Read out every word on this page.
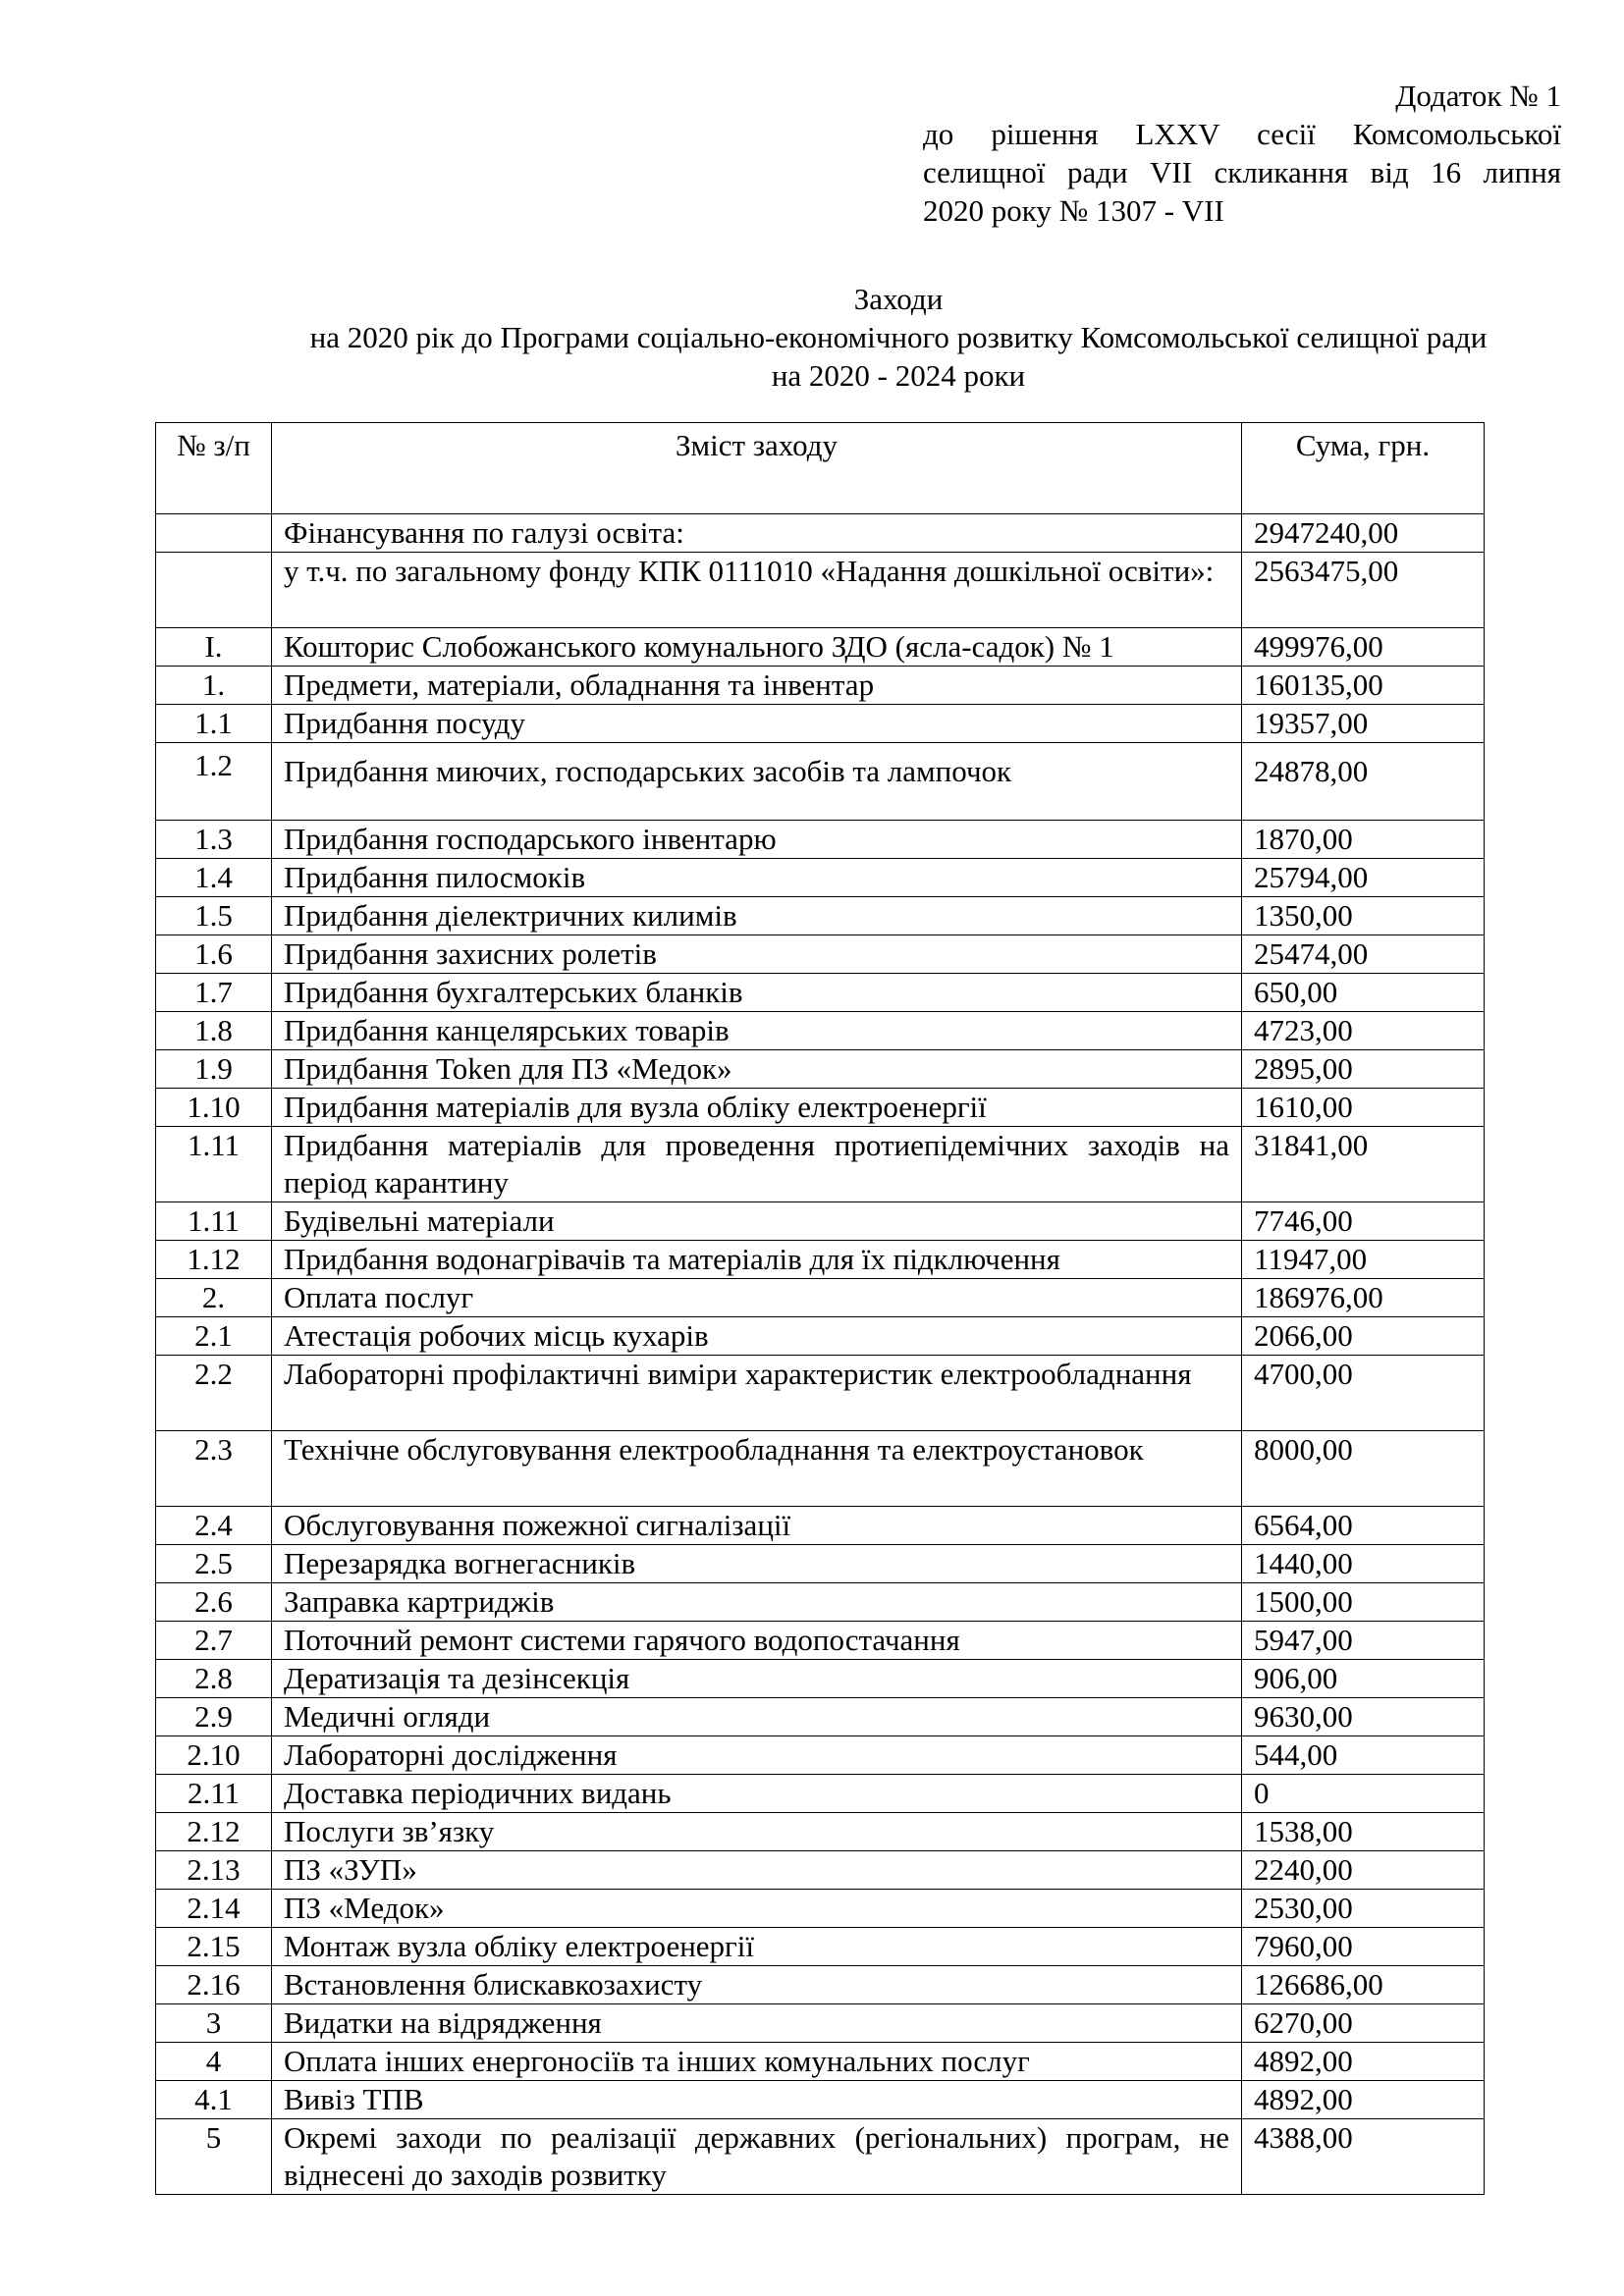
Додаток № 1
до рішення LXXV сесії Комсомольської
селищної ради VII скликання від 16 липня
2020 року № 1307 - VII
Заходи
на 2020 рік до Програми соціально-економічного розвитку Комсомольської селищної ради
на 2020 - 2024 роки
№ з/п	Зміст заходу	Сума, грн.
	Фінансування по галузі освіта:	2947240,00
	у т.ч. по загальному фонду КПК 0111010 «Надання дошкільної освіти»:	2563475,00
I.	Кошторис Слобожанського комунального ЗДО (ясла-садок) № 1	499976,00
1.	Предмети, матеріали, обладнання та інвентар	160135,00
1.1	Придбання посуду	19357,00
1.2	Придбання миючих, господарських засобів та лампочок	24878,00
1.3	Придбання господарського інвентарю	1870,00
1.4	Придбання пилосмоків	25794,00
1.5	Придбання діелектричних килимів	1350,00
1.6	Придбання захисних ролетів	25474,00
1.7	Придбання бухгалтерських бланків	650,00
1.8	Придбання канцелярських товарів	4723,00
1.9	Придбання Token для ПЗ «Медок»	2895,00
1.10	Придбання матеріалів для вузла обліку електроенергії	1610,00
1.11	Придбання матеріалів для проведення протиепідемічних заходів на період карантину	31841,00
1.11	Будівельні матеріали	7746,00
1.12	Придбання водонагрівачів та матеріалів для їх підключення	11947,00
2.	Оплата послуг	186976,00
2.1	Атестація робочих місць кухарів	2066,00
2.2	Лабораторні профілактичні виміри характеристик електрообладнання	4700,00
2.3	Технічне обслуговування електрообладнання та електроустановок	8000,00
2.4	Обслуговування пожежної сигналізації	6564,00
2.5	Перезарядка вогнегасників	1440,00
2.6	Заправка картриджів	1500,00
2.7	Поточний ремонт системи гарячого водопостачання	5947,00
2.8	Дератизація та дезінсекція	906,00
2.9	Медичні огляди	9630,00
2.10	Лабораторні дослідження	544,00
2.11	Доставка періодичних видань	0
2.12	Послуги зв’язку	1538,00
2.13	ПЗ «ЗУП»	2240,00
2.14	ПЗ «Медок»	2530,00
2.15	Монтаж вузла обліку електроенергії	7960,00
2.16	Встановлення блискавкозахисту	126686,00
3	Видатки на відрядження	6270,00
4	Оплата інших енергоносіїв та інших комунальних послуг	4892,00
4.1	Вивіз ТПВ	4892,00
5	Окремі заходи по реалізації державних (регіональних) програм, не віднесені до заходів розвитку	4388,00
